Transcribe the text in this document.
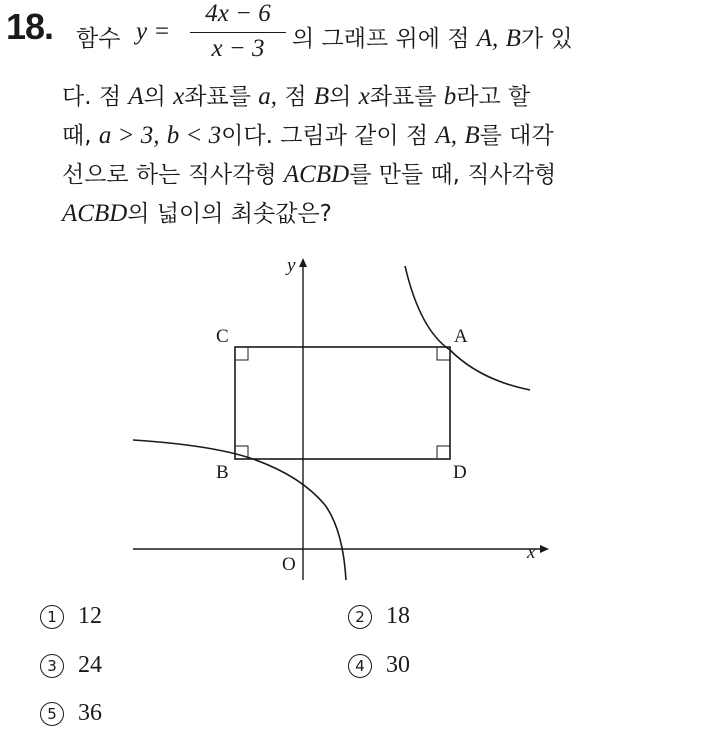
18. 함수 y =
4x − 6
x − 3	의 그래프 위에 점 A, B가 있
다. 점 A의 x좌표를 a, 점 B의 x좌표를 b라고 할
때, a > 3, b < 3이다. 그림과 같이 점 A, B를 대각
선으로 하는 직사각형 ACBD를 만들 때, 직사각형
ACBD의 넓이의 최솟값은?
y
x
O
A
C
B	D
1 12	2 18
3 24	4 30
5 36
